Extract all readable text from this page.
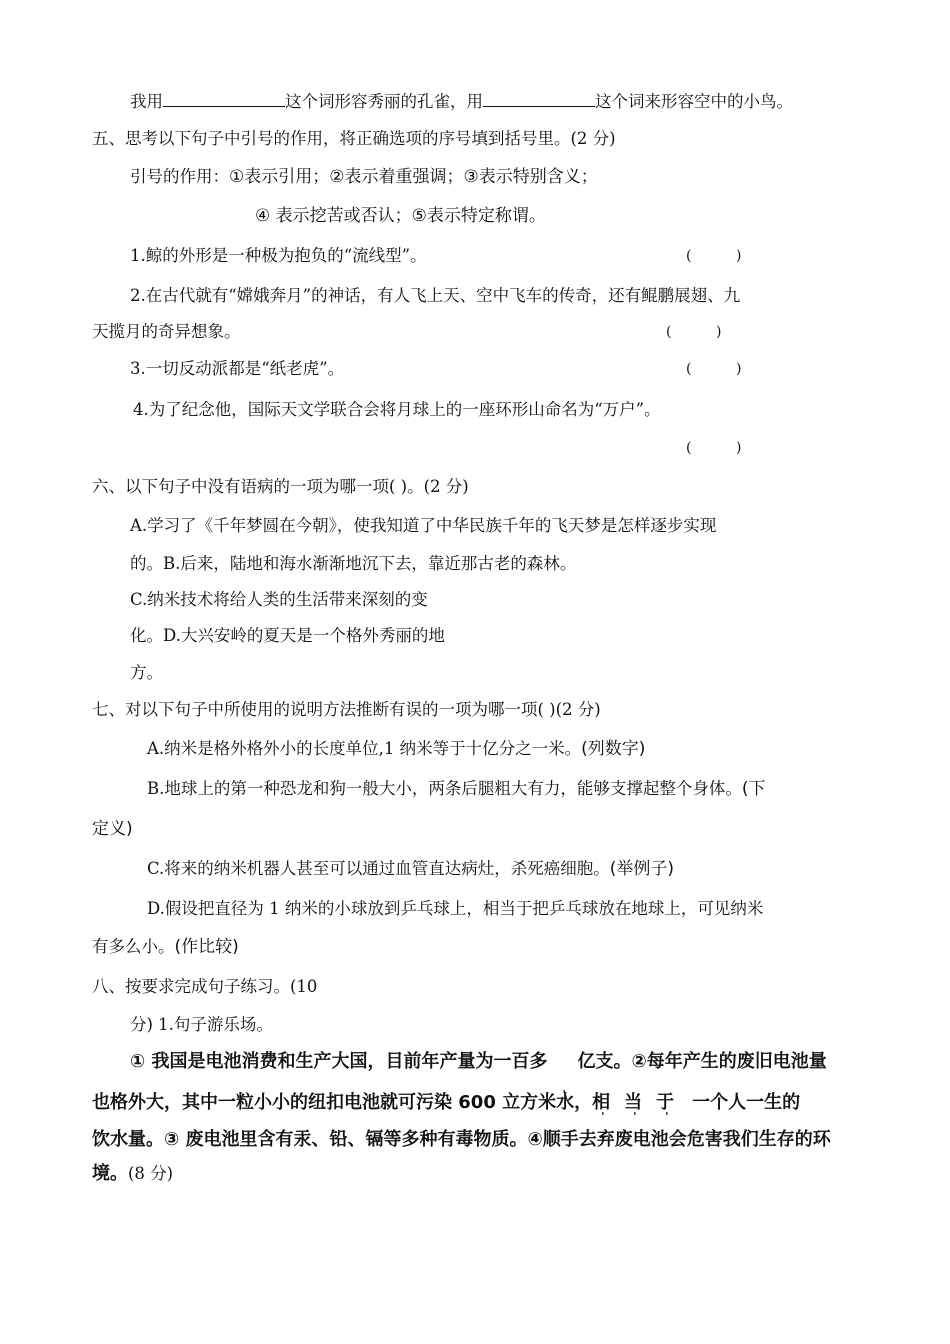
我用	这个词形容秀丽的孔雀，用	这个词来形容空中的小鸟。
五、思考以下句子中引号的作用，将正确选项的序号填到括号里。(2 分)
引号的作用：①表示引用；②表示着重强调；③表示特别含义；
④ 表示挖苦或否认；⑤表示特定称谓。
1.鲸的外形是一种极为抱负的“流线型”。	(          )
2.在古代就有“嫦娥奔月”的神话，有人飞上天、空中飞车的传奇，还有鲲鹏展翅、九
天揽月的奇异想象。	(          )
3.一切反动派都是“纸老虎”。	(          )
4.为了纪念他，国际天文学联合会将月球上的一座环形山命名为“万户”。
(          )
六、以下句子中没有语病的一项为哪一项( )。(2 分)
A.学习了《千年梦圆在今朝》，使我知道了中华民族千年的飞天梦是怎样逐步实现
的。B.后来，陆地和海水渐渐地沉下去，靠近那古老的森林。
C.纳米技术将给人类的生活带来深刻的变
化。D.大兴安岭的夏天是一个格外秀丽的地
方。
七、对以下句子中所使用的说明方法推断有误的一项为哪一项( )(2 分)
A.纳米是格外格外小的长度单位,1 纳米等于十亿分之一米。(列数字)
B.地球上的第一种恐龙和狗一般大小，两条后腿粗大有力，能够支撑起整个身体。(下
定义)
C.将来的纳米机器人甚至可以通过血管直达病灶，杀死癌细胞。(举例子)
D.假设把直径为 1 纳米的小球放到乒乓球上，相当于把乒乓球放在地球上，可见纳米
有多么小。(作比较)
八、按要求完成句子练习。(10
分) 1.句子游乐场。
① 我国是电池消费和生产大国，目前年产量为一百多 亿支。②每年产生的废旧电池量
也格外大，其中一粒小小的纽扣电池就可污染 600 立方米水，相 ' 当 ' 于 ' 一个人一生的
饮水量。③ 废电池里含有汞、铅、镉等多种有毒物质。④顺手去弃废电池会危害我们生存的环
境。(8 分)
